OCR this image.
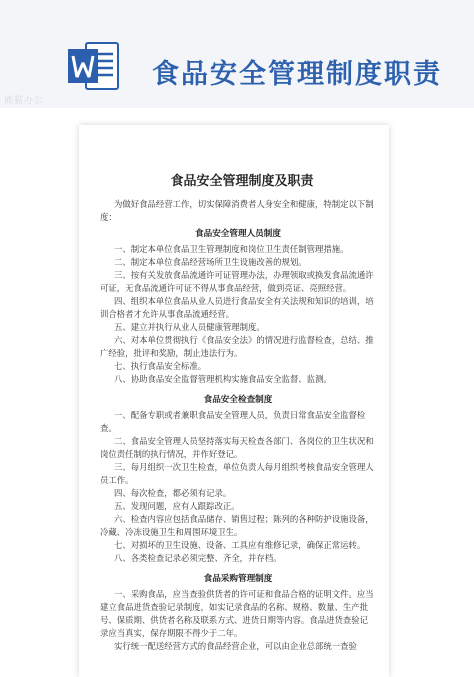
食品安全管理制度职责
熊猫办公
食品安全管理制度及职责

为做好食品经营工作，切实保障消费者人身安全和健康，特制定以下制度：

食品安全管理人员制度

一、制定本单位食品卫生管理制度和岗位卫生责任制管理措施。

二、制定本单位食品经营场所卫生设施改善的规划。

三、按有关发放食品流通许可证管理办法，办理领取或换发食品流通许可证，无食品流通许可证不得从事食品经营，做到亮证、亮照经营。

四、组织本单位食品从业人员进行食品安全有关法规和知识的培训，培训合格者才允许从事食品流通经营。

五、建立并执行从业人员健康管理制度。

六、对本单位贯彻执行《食品安全法》的情况进行监督检查，总结、推广经验，批评和奖励，制止违法行为。

七、执行食品安全标准。

八、协助食品安全监督管理机构实施食品安全监督、监测。

食品安全检查制度

一、配备专职或者兼职食品安全管理人员，负责日常食品安全监督检查。

二、食品安全管理人员坚持落实每天检查各部门、各岗位的卫生状况和岗位责任制的执行情况，并作好登记。

三、每月组织一次卫生检查，单位负责人每月组织考核食品安全管理人员工作。

四、每次检查，都必须有记录。

五、发现问题，应有人跟踪改正。

六、检查内容应包括食品储存、销售过程；陈列的各种防护设施设备，冷藏、冷冻设施卫生和周围环境卫生。

七、对损坏的卫生设施、设备、工具应有维修记录，确保正常运转。

八、各类检查记录必须完整、齐全，并存档。

食品采购管理制度

一、采购食品，应当查验供货者的许可证和食品合格的证明文件。应当建立食品进货查验记录制度，如实记录食品的名称、规格、数量、生产批号、保质期、供货者名称及联系方式、进货日期等内容。食品进货查验记录应当真实，保存期限不得少于二年。

实行统一配送经营方式的食品经营企业，可以由企业总部统一查验
